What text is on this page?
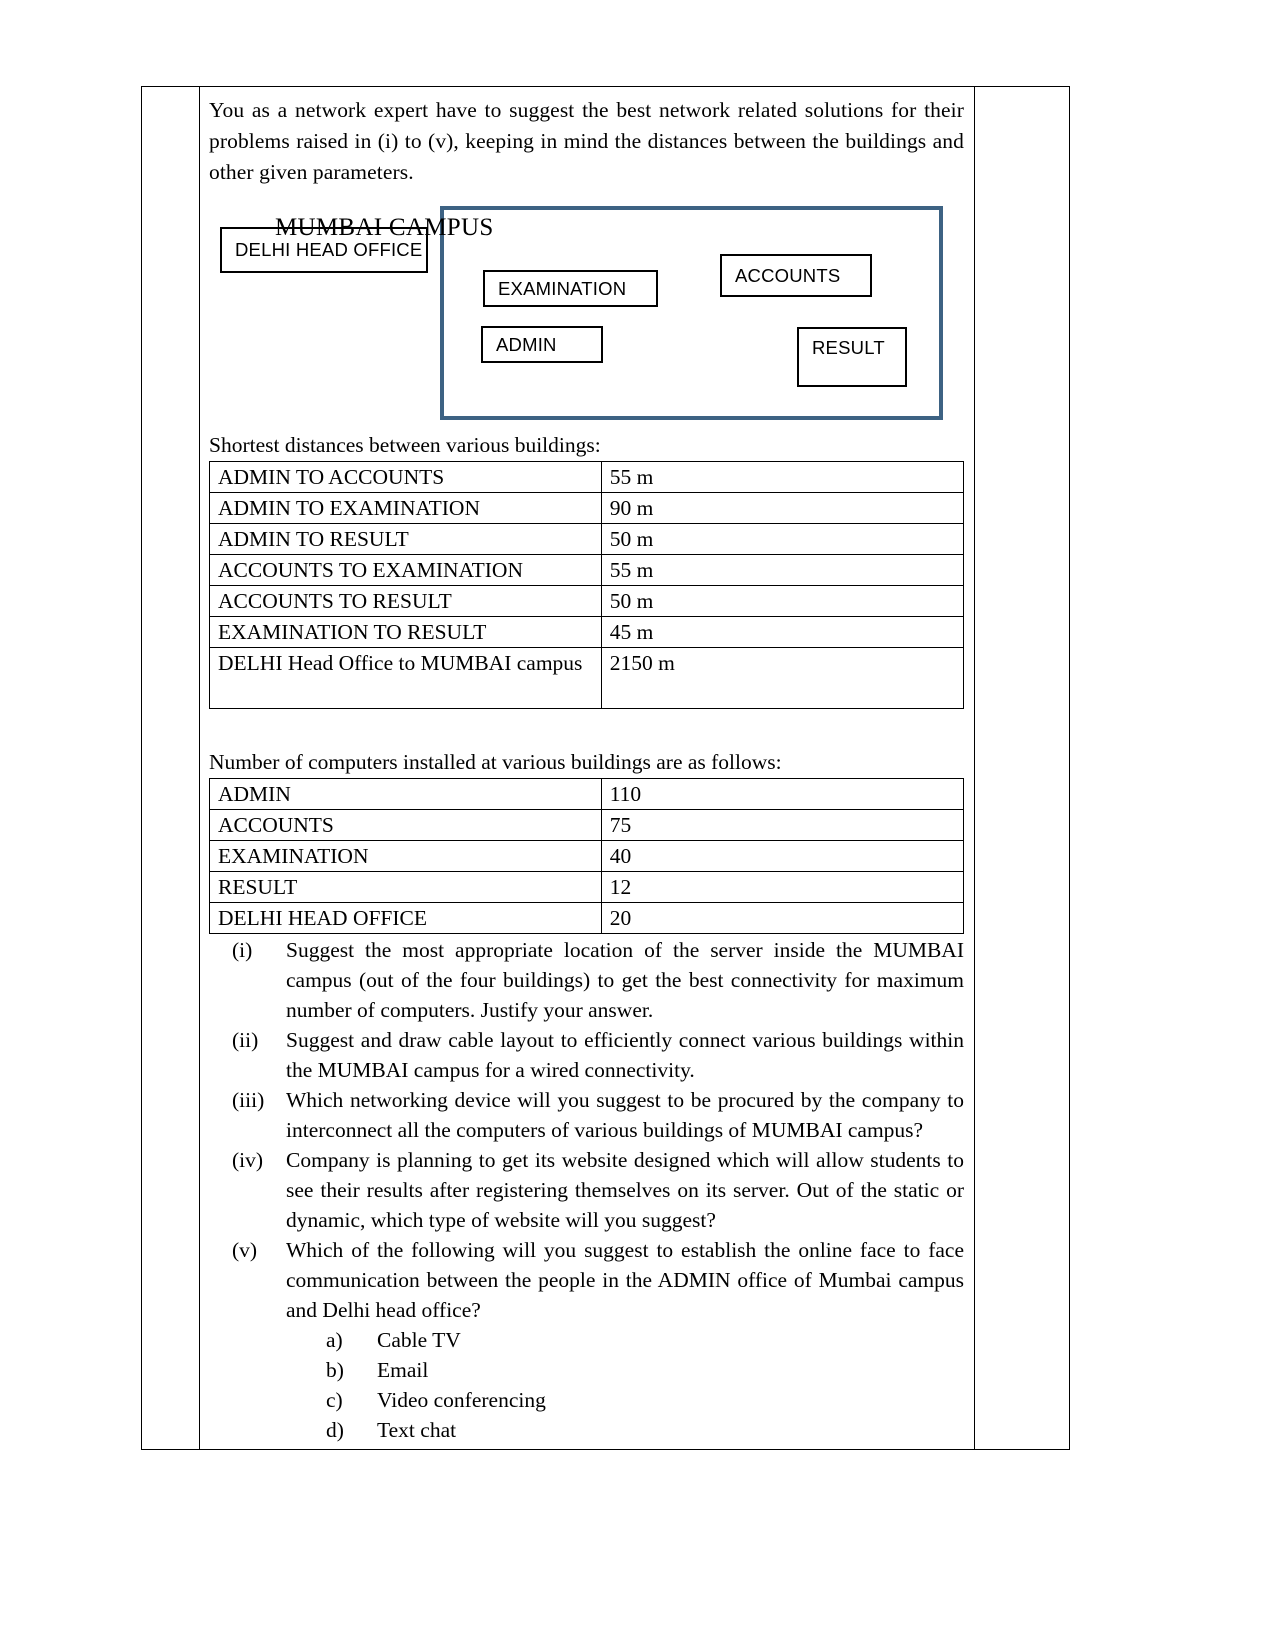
You as a network expert have to suggest the best network related solutions for their problems raised in (i) to (v), keeping in mind the distances between the buildings and other given parameters.

DELHI HEAD OFFICE
MUMBAI CAMPUS
EXAMINATION
ACCOUNTS
ADMIN	RESULT

Shortest distances between various buildings:

ADMIN TO ACCOUNTS	55 m
ADMIN TO EXAMINATION	90 m
ADMIN TO RESULT	50 m
ACCOUNTS TO EXAMINATION	55 m
ACCOUNTS TO RESULT	50 m
EXAMINATION TO RESULT	45 m
DELHI Head Office to MUMBAI campus	2150 m

Number of computers installed at various buildings are as follows:

ADMIN	110
ACCOUNTS	75
EXAMINATION	40
RESULT	12
DELHI HEAD OFFICE	20
(i)	Suggest the most appropriate location of the server inside the MUMBAI campus (out of the four buildings) to get the best connectivity for maximum number of computers. Justify your answer.
(ii)	Suggest and draw cable layout to efficiently connect various buildings within the MUMBAI campus for a wired connectivity.
(iii)	Which networking device will you suggest to be procured by the company to interconnect all the computers of various buildings of MUMBAI campus?
(iv)	Company is planning to get its website designed which will allow students to see their results after registering themselves on its server. Out of the static or dynamic, which type of website will you suggest?
(v)	Which of the following will you suggest to establish the online face to face communication between the people in the ADMIN office of Mumbai campus and Delhi head office?
a)	Cable TV
b)	Email
c)	Video conferencing
d)	Text chat
